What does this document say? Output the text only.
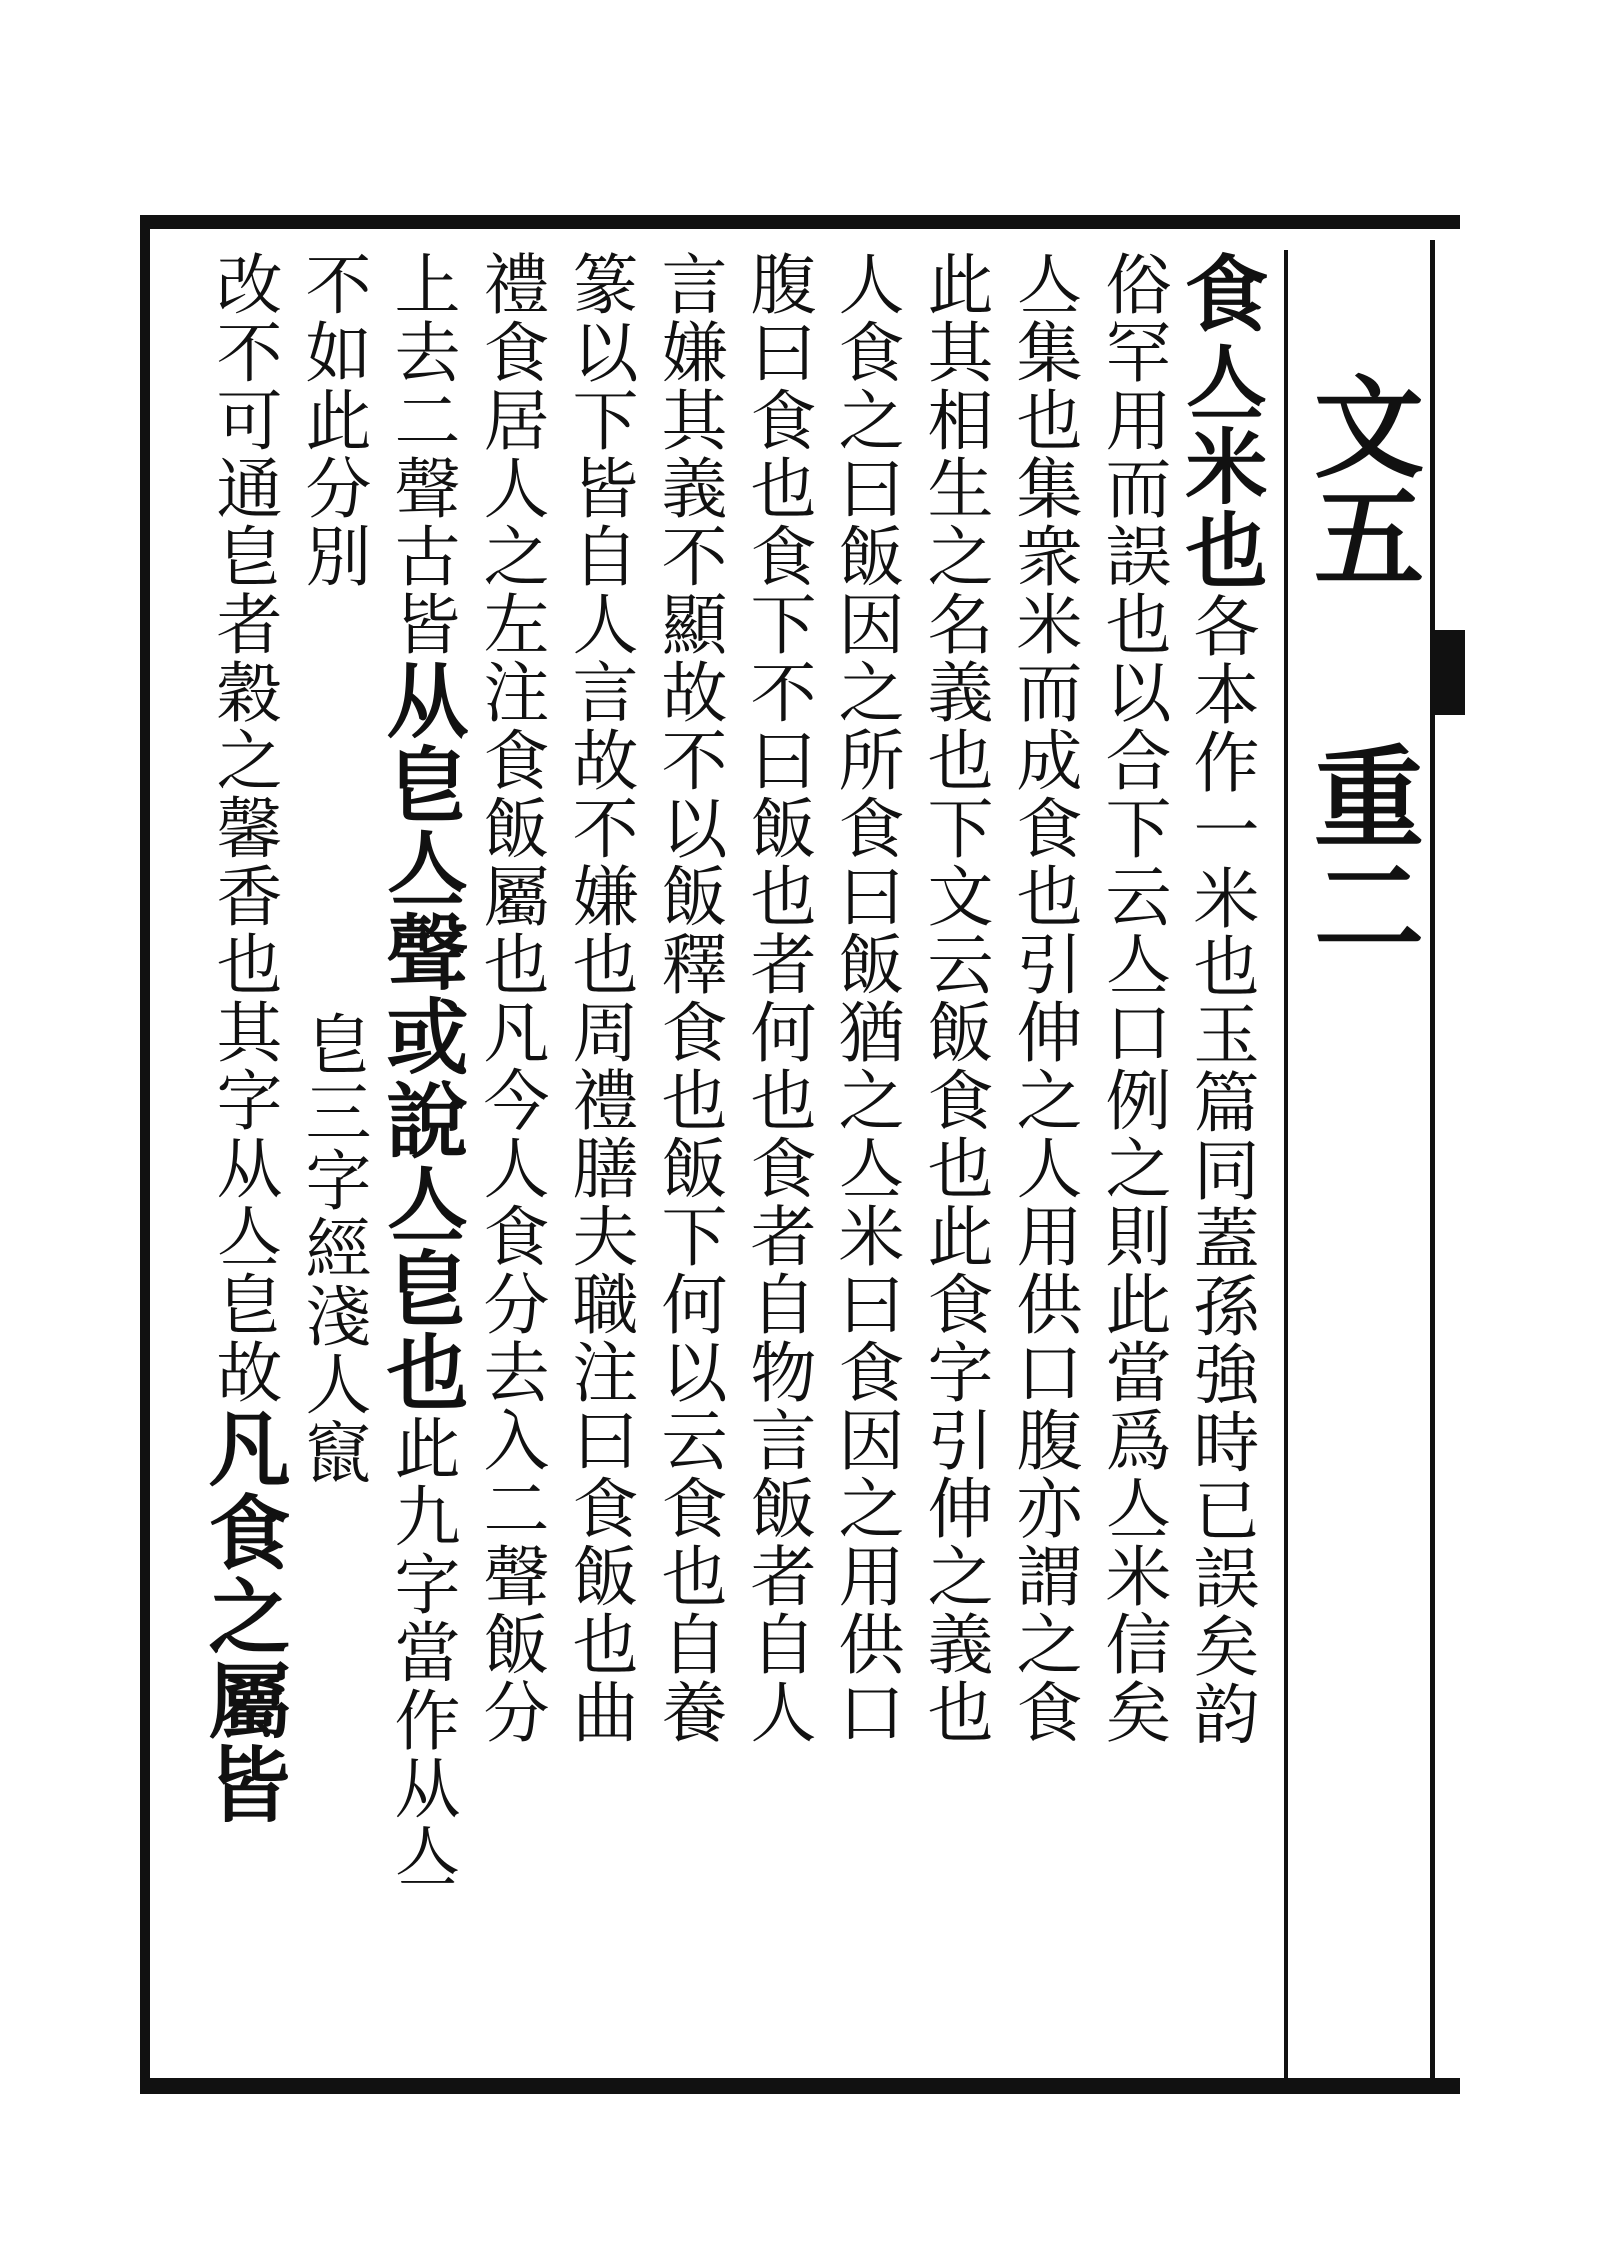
文五重二
食亼米也各本作一米也玉篇同蓋孫強時已誤矣韵
俗罕用而誤也以合下云亼口例之則此當爲亼米信矣
亼集也集衆米而成食也引伸之人用供口腹亦謂之食
此其相生之名義也下文云飯食也此食字引伸之義也
人食之曰飯因之所食曰飯猶之亼米曰食因之用供口
腹曰食也食下不曰飯也者何也食者自物言飯者自人
言嫌其義不顯故不以飯釋食也飯下何以云食也自養
篆以下皆自人言故不嫌也周禮膳夫職注曰食飯也曲
禮食居人之左注食飯屬也凡今人食分去入二聲飯分
上去二聲古皆从皀亼聲或說亼皀也此九字當作从亼
不如此分別皀三字經淺人竄
改不可通皀者穀之馨香也其字从亼皀故凡食之屬皆
